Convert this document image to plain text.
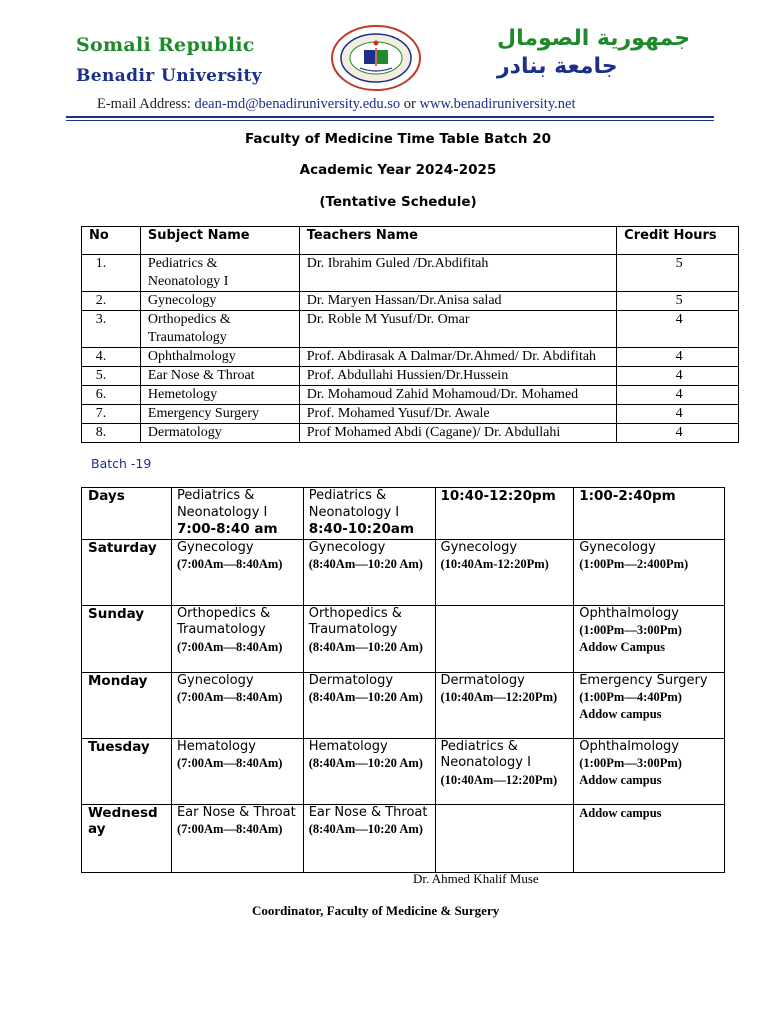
Somali Republic
Benadir University
جمهورية الصومال
جامعة بنادر
E-mail Address: dean-md@benadiruniversity.edu.so or www.benadiruniversity.net
Faculty of Medicine Time Table Batch 20
Academic Year 2024-2025
(Tentative Schedule)
No	Subject Name	Teachers Name	Credit Hours
1.	Pediatrics & Neonatology I	Dr. Ibrahim Guled /Dr.Abdifitah	5
2.	Gynecology	Dr. Maryen Hassan/Dr.Anisa salad	5
3.	Orthopedics & Traumatology	Dr. Roble M Yusuf/Dr. Omar	4
4.	Ophthalmology	Prof. Abdirasak A Dalmar/Dr.Ahmed/ Dr. Abdifitah	4
5.	Ear Nose & Throat	Prof. Abdullahi Hussien/Dr.Hussein	4
6.	Hemetology	Dr. Mohamoud Zahid Mohamoud/Dr. Mohamed	4
7.	Emergency Surgery	Prof. Mohamed Yusuf/Dr. Awale	4
8.	Dermatology	Prof Mohamed Abdi (Cagane)/ Dr. Abdullahi	4
Batch -19
Days	Pediatrics & Neonatology I
7:00-8:40 am	Pediatrics & Neonatology I
8:40-10:20am	10:40-12:20pm	1:00-2:40pm
Saturday	Gynecology
(7:00Am—8:40Am)	Gynecology
(8:40Am—10:20 Am)	Gynecology
(10:40Am-12:20Pm)	Gynecology
(1:00Pm—2:400Pm)

Sunday	Orthopedics & Traumatology
(7:00Am—8:40Am)	Orthopedics & Traumatology
(8:40Am—10:20 Am)		Ophthalmology
(1:00Pm—3:00Pm)
Addow Campus

Monday	Gynecology
(7:00Am—8:40Am)	Dermatology
(8:40Am—10:20 Am)	Dermatology
(10:40Am—12:20Pm)	Emergency Surgery
(1:00Pm—4:40Pm)
Addow campus

Tuesday	Hematology
(7:00Am—8:40Am)	Hematology
(8:40Am—10:20 Am)	Pediatrics & Neonatology I
(10:40Am—12:20Pm)	Ophthalmology
(1:00Pm—3:00Pm)
Addow campus

Wednesday	Ear Nose & Throat
(7:00Am—8:40Am)	Ear Nose & Throat
(8:40Am—10:20 Am)		Addow campus
Dr. Ahmed Khalif Muse
Coordinator, Faculty of Medicine & Surgery
